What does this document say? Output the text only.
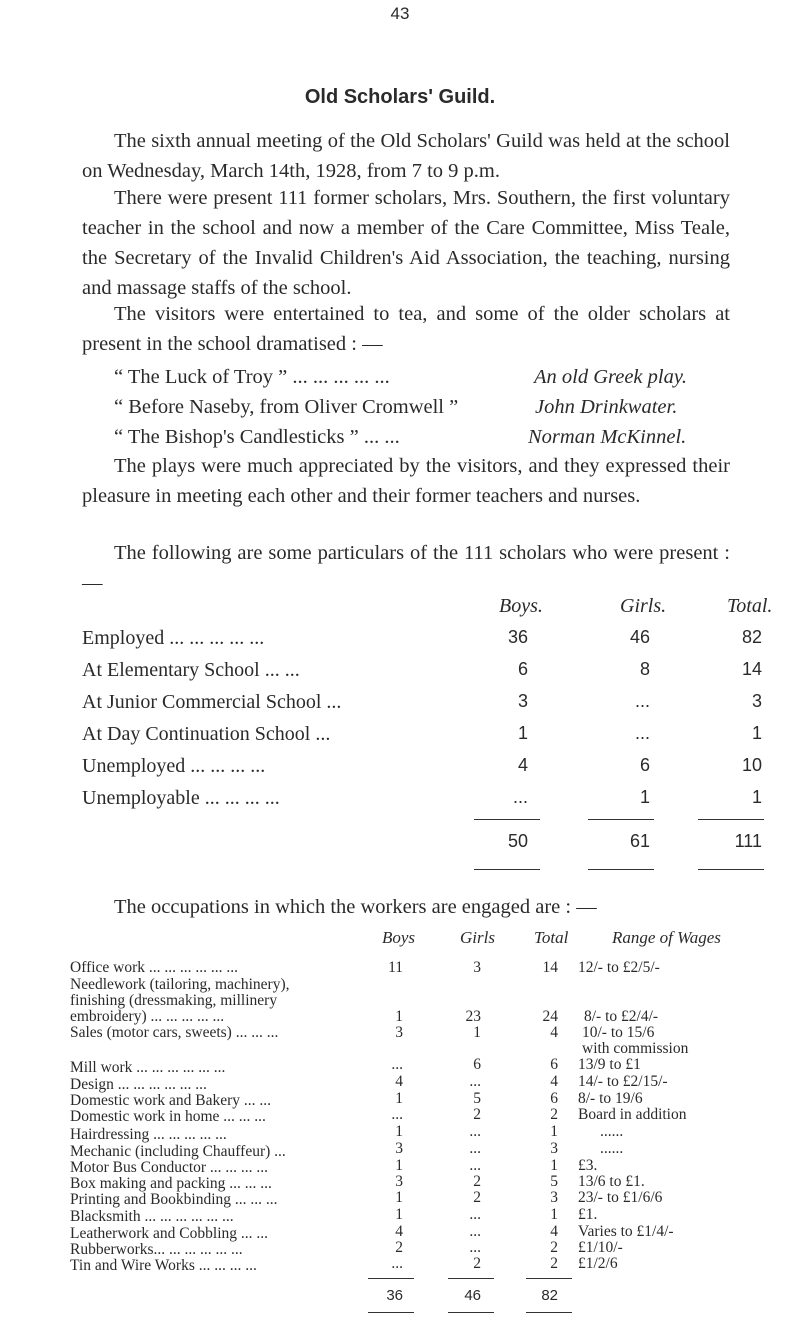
43
Old Scholars' Guild.
The sixth annual meeting of the Old Scholars' Guild was held at the school on Wednesday, March 14th, 1928, from 7 to 9 p.m.
There were present 111 former scholars, Mrs. Southern, the first voluntary teacher in the school and now a member of the Care Committee, Miss Teale, the Secretary of the Invalid Children's Aid Association, the teaching, nursing and massage staffs of the school.
The visitors were entertained to tea, and some of the older scholars at present in the school dramatised : —
“ The Luck of Troy ” ... ... ... ... ...	An old Greek play.
“ Before Naseby, from Oliver Cromwell ”	John Drinkwater.
“ The Bishop's Candlesticks ” ... ...	Norman McKinnel.
The plays were much appreciated by the visitors, and they expressed their pleasure in meeting each other and their former teachers and nurses.
The following are some particulars of the 111 scholars who were present : —
Boys.	Girls.	Total.
Employed ... ... ... ... ...	36	46	82
At Elementary School ... ...	6	8	14
At Junior Commercial School ...	3	...	3
At Day Continuation School ...	1	...	1
Unemployed ... ... ... ...	4	6	10
Unemployable ... ... ... ...	...	1	1
50	61	111
The occupations in which the workers are engaged are : —
Boys	Girls Total	Range of Wages
Office work ... ... ... ... ... ...	11	3	14 12/- to £2/5/-
Needlework (tailoring, machinery),
finishing (dressmaking, millinery
embroidery) ... ... ... ... ...	1	23	24 8/- to £2/4/-
Sales (motor cars, sweets) ... ... ...	3	1	4 10/- to 15/6
with commission
Mill work ... ... ... ... ... ...	...	6	6 13/9 to £1
Design ... ... ... ... ... ...	4	...	4 14/- to £2/15/-
Domestic work and Bakery ... ...	1	5	6 8/- to 19/6
Domestic work in home ... ... ...	...	2	2 Board in addition
Hairdressing ... ... ... ... ...	1	...	1	......
Mechanic (including Chauffeur) ...	3	...	3	......
Motor Bus Conductor ... ... ... ...	1	...	1 £3.
Box making and packing ... ... ...	3	2	5 13/6 to £1.
Printing and Bookbinding ... ... ...	1	2	3 23/- to £1/6/6
Blacksmith ... ... ... ... ... ...	1	...	1 £1.
Leatherwork and Cobbling ... ...	4	...	4 Varies to £1/4/-
Rubberworks... ... ... ... ... ...	2	...	2 £1/10/-
Tin and Wire Works ... ... ... ...	...	2	2 £1/2/6
36	46	82
